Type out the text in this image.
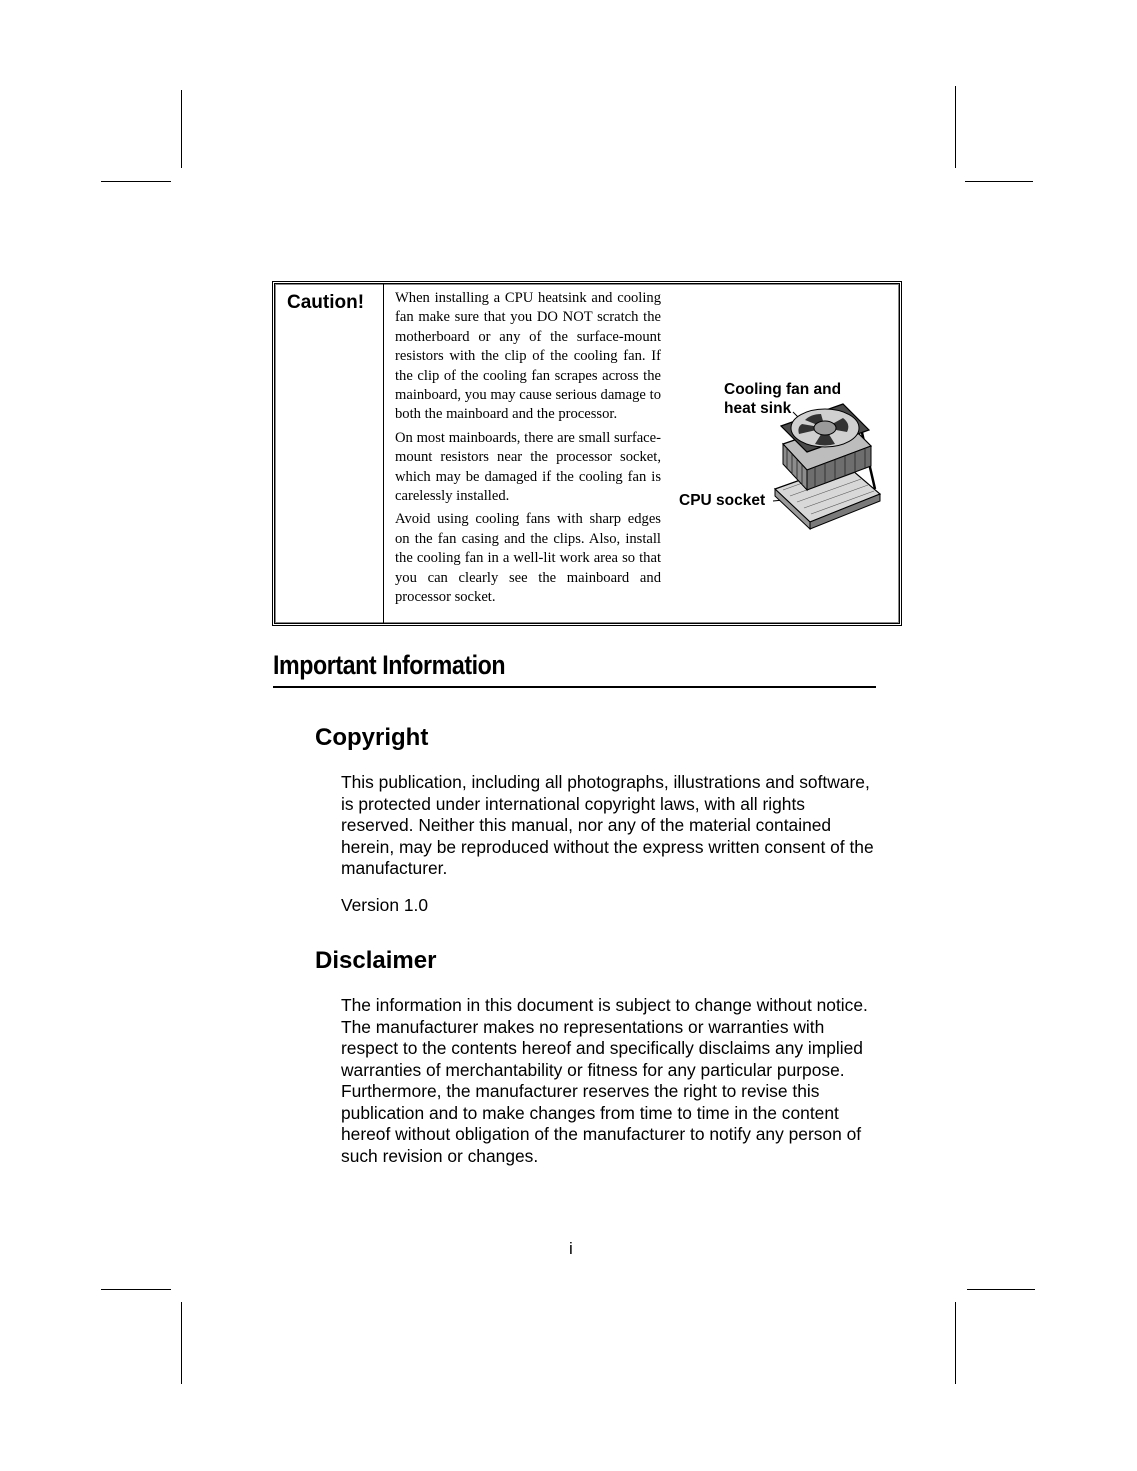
Caution! When installing a CPU heatsink and cooling fan make sure that you DO NOT scratch the motherboard or any of the surface-mount resistors with the clip of the cooling fan. If the clip of the cooling fan scrapes across the mainboard, you may cause serious damage to both the mainboard and the processor.

On most mainboards, there are small surface-mount resistors near the processor socket, which may be damaged if the cooling fan is carelessly installed.

Avoid using cooling fans with sharp edges on the fan casing and the clips. Also, install the cooling fan in a well-lit work area so that you can clearly see the mainboard and processor socket.

Cooling fan and
heat sink
CPU socket
Important Information
Copyright

This publication, including all photographs, illustrations and software, is protected under international copyright laws, with all rights reserved. Neither this manual, nor any of the material contained herein, may be reproduced without the express written consent of the manufacturer.

Version 1.0

Disclaimer

The information in this document is subject to change without notice. The manufacturer makes no representations or warranties with respect to the contents hereof and specifically disclaims any implied warranties of merchantability or fitness for any particular purpose. Furthermore, the manufacturer reserves the right to revise this publication and to make changes from time to time in the content hereof without obligation of the manufacturer to notify any person of such revision or changes.

i
